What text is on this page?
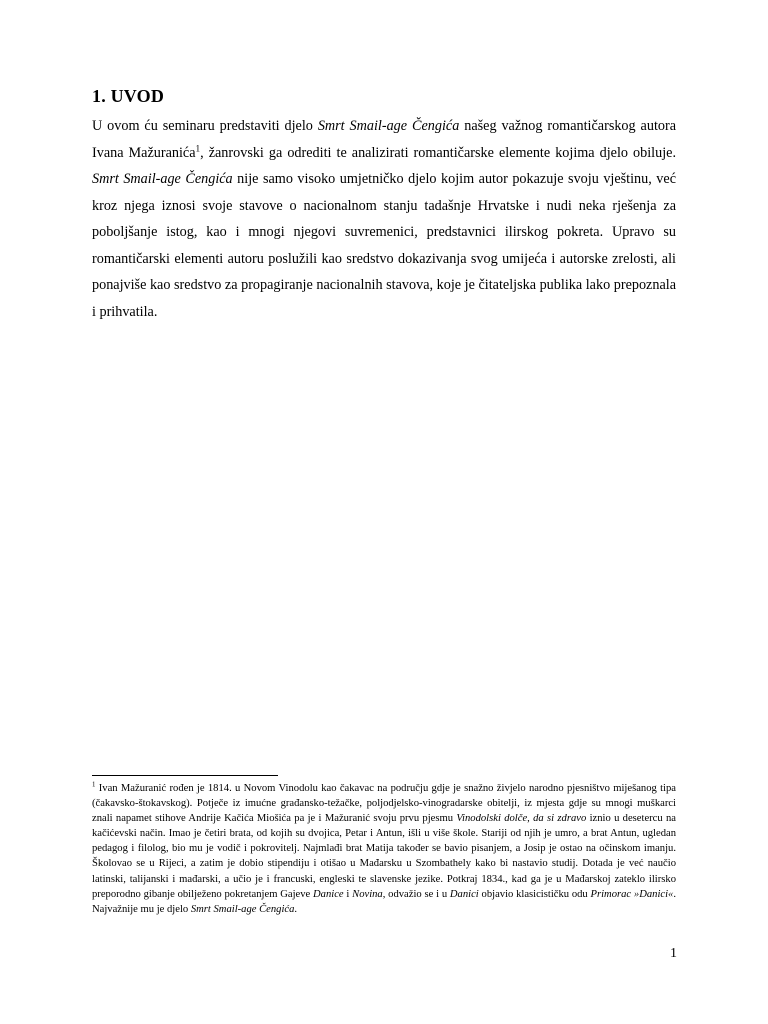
1. UVOD

U ovom ću seminaru predstaviti djelo Smrt Smail-age Čengića našeg važnog romantičarskog autora Ivana Mažuranića$^1$, žanrovski ga odrediti te analizirati romantičarske elemente kojima djelo obiluje. Smrt Smail-age Čengića nije samo visoko umjetničko djelo kojim autor pokazuje svoju vještinu, već kroz njega iznosi svoje stavove o nacionalnom stanju tadašnje Hrvatske i nudi neka rješenja za poboljšanje istog, kao i mnogi njegovi suvremenici, predstavnici ilirskog pokreta. Upravo su romantičarski elementi autoru poslužili kao sredstvo dokazivanja svog umijeća i autorske zrelosti, ali ponajviše kao sredstvo za propagiranje nacionalnih stavova, koje je čitateljska publika lako prepoznala i prihvatila.

$^1$ Ivan Mažuranić rođen je 1814. u Novom Vinodolu kao čakavac na području gdje je snažno živjelo narodno pjesništvo miješanog tipa (čakavsko-štokavskog). Potječe iz imućne građansko-težačke, poljodjelsko-vinogradarske obitelji, iz mjesta gdje su mnogi muškarci znali napamet stihove Andrije Kačića Miošića pa je i Mažuranić svoju prvu pjesmu Vinodolski dolče, da si zdravo iznio u desetercu na kačićevski način. Imao je četiri brata, od kojih su dvojica, Petar i Antun, išli u više škole. Stariji od njih je umro, a brat Antun, ugledan pedagog i filolog, bio mu je vodič i pokrovitelj. Najmlađi brat Matija također se bavio pisanjem, a Josip je ostao na očinskom imanju. Školovao se u Rijeci, a zatim je dobio stipendiju i otišao u Mađarsku u Szombathely kako bi nastavio studij. Dotada je već naučio latinski, talijanski i mađarski, a učio je i francuski, engleski te slavenske jezike. Potkraj 1834., kad ga je u Mađarskoj zateklo ilirsko preporodno gibanje obilježeno pokretanjem Gajeve Danice i Novina, odvažio se i u Danici objavio klasicističku odu Primorac »Danici«. Najvažnije mu je djelo Smrt Smail-age Čengića.

1
